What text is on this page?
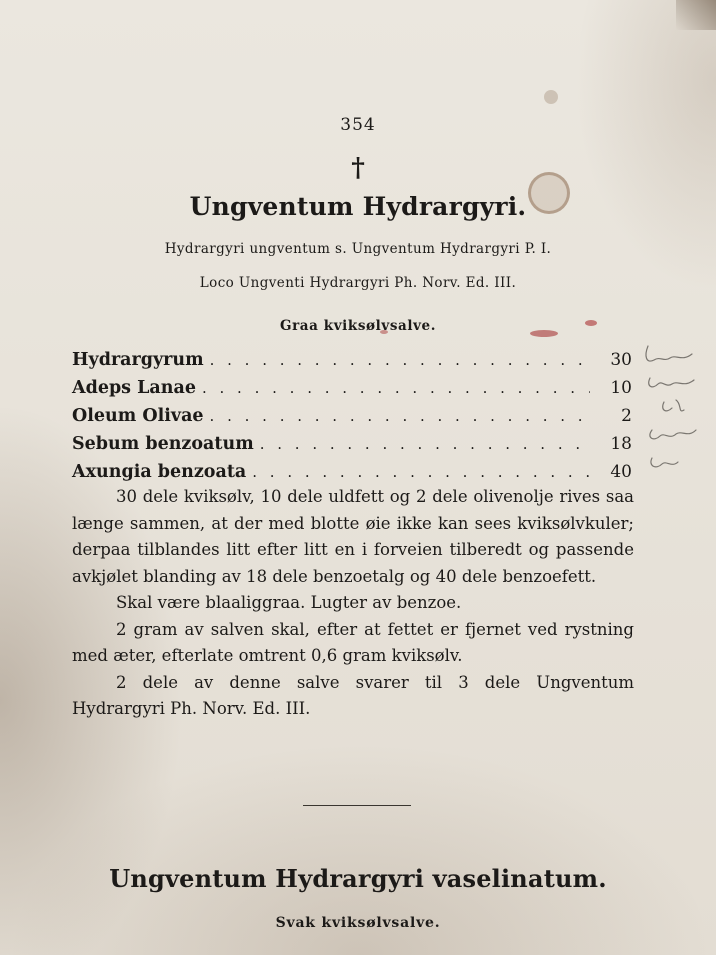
354
†
Ungventum Hydrargyri.
Hydrargyri ungventum s. Ungventum Hydrargyri P. I.
Loco Ungventi Hydrargyri Ph. Norv. Ed. III.
Graa kviksølvsalve.
Hydrargyrum . . .	30
Adeps Lanae . . .	10
Oleum Olivae . . .	2
Sebum benzoatum . . .	18
Axungia benzoata . . .	40

30 dele kviksølv, 10 dele uldfett og 2 dele olivenolje rives saa længe sammen, at der med blotte øie ikke kan sees kviksølvkuler; derpaa tilblandes litt efter litt en i forveien tilberedt og passende avkjølet blanding av 18 dele benzoetalg og 40 dele benzoefett.

Skal være blaaliggraa. Lugter av benzoe.

2 gram av salven skal, efter at fettet er fjernet ved rystning med æter, efterlate omtrent 0,6 gram kviksølv.

2 dele av denne salve svarer til 3 dele Ungventum Hydrargyri Ph. Norv. Ed. III.

Ungventum Hydrargyri vaselinatum.
Svak kviksølvsalve.
